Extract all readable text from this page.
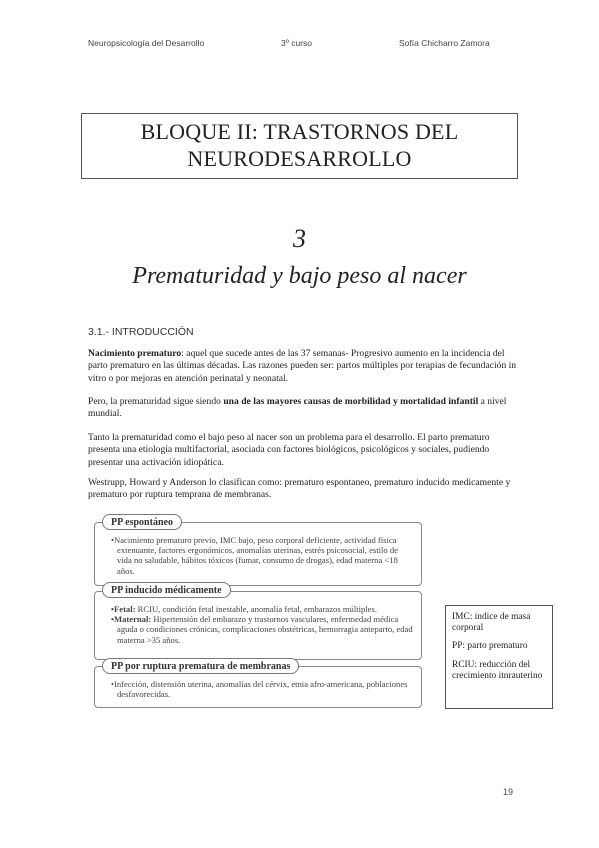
Neuropsicología del Desarrollo	3º curso	Sofía Chicharro Zamora
BLOQUE II: TRASTORNOS DEL
NEURODESARROLLO
3
Prematuridad y bajo peso al nacer
3.1.- INTRODUCCIÓN
Nacimiento prematuro: aquel que sucede antes de las 37 semanas- Progresivo aumento en la incidencia del parto prematuro en las últimas décadas. Las razones pueden ser: partos múltiples por terapias de fecundación in vitro o por mejoras en atención perinatal y neonatal.
Pero, la prematuridad sigue siendo una de las mayores causas de morbilidad y mortalidad infantil a nivel mundial.
Tanto la prematuridad como el bajo peso al nacer son un problema para el desarrollo. El parto prematuro presenta una etiología multifactorial, asociada con factores biológicos, psicológicos y sociales, pudiendo presentar una activación idiopática.
Westrupp, Howard y Anderson lo clasifican como: prematuro espontaneo, prematuro inducido medicamente y prematuro por ruptura temprana de membranas.

•Nacimiento prematuro previo, IMC bajo, peso corporal deficiente, actividad física extenuante, factores ergonómicos, anomalías uterinas, estrés psicosocial, estilo de vida no saludable, hábitos tóxicos (fumar, consumo de drogas), edad materna <18 años.

PP espontáneo

•Fetal: RCIU, condición fetal inestable, anomalía fetal, embarazos múltiples.

•Maternal: Hipertensión del embarazo y trastornos vasculares, enfermedad médica aguda o condiciones crónicas, complicaciones obstétricas, hemorragia anteparto, edad materna >35 años.

PP inducido médicamente

•Infección, distensión uterina, anomalías del cérvix, etnia afro-americana, poblaciones desfavorecidas.

PP por ruptura prematura de membranas

IMC: índice de masa corporal

PP: parto prematuro

RCIU: reducción del crecimiento itnrauterino

19
